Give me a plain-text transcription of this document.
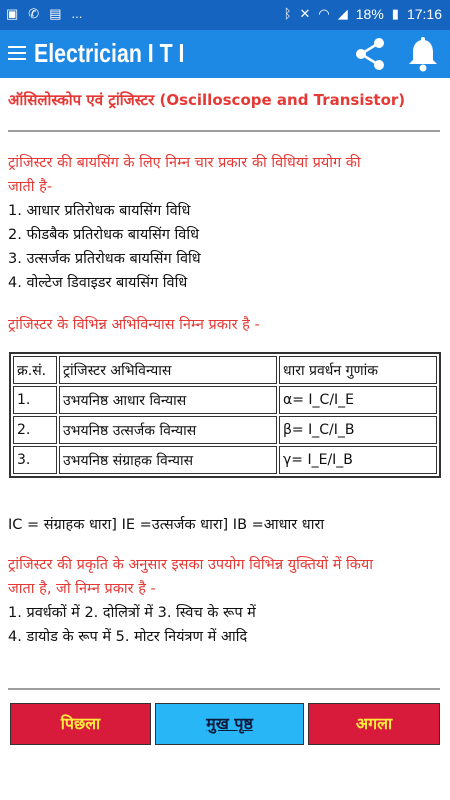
▣ ✆ ▤ ...	ᛒ ✕ ◠ ◢ 18% ▮ 17:16
Electrician I T I
ऑसिलोस्कोप एवं ट्रांजिस्टर (Oscilloscope and Transistor)
ट्रांजिस्टर की बायसिंग के लिए निम्न चार प्रकार की विधियां प्रयोग की
जाती है-
1. आधार प्रतिरोधक बायसिंग विधि
2. फीडबैक प्रतिरोधक बायसिंग विधि
3. उत्सर्जक प्रतिरोधक बायसिंग विधि
4. वोल्टेज डिवाइडर बायसिंग विधि
ट्रांजिस्टर के विभिन्न अभिविन्यास निम्न प्रकार है -
क्र.सं.	ट्रांजिस्टर अभिविन्यास	धारा प्रवर्धन गुणांक
1.	उभयनिष्ठ आधार विन्यास	α= I_C/I_E
2.	उभयनिष्ठ उत्सर्जक विन्यास	β= I_C/I_B
3.	उभयनिष्ठ संग्राहक विन्यास	γ= I_E/I_B
IC = संग्राहक धारा] IE =उत्सर्जक धारा] IB =आधार धारा
ट्रांजिस्टर की प्रकृति के अनुसार इसका उपयोग विभिन्न युक्तियों में किया
जाता है, जो निम्न प्रकार है -
1. प्रवर्धकों में 2. दोलित्रों में 3. स्विच के रूप में
4. डायोड के रूप में 5. मोटर नियंत्रण में आदि
पिछला	मुख पृष्ठ	अगला
